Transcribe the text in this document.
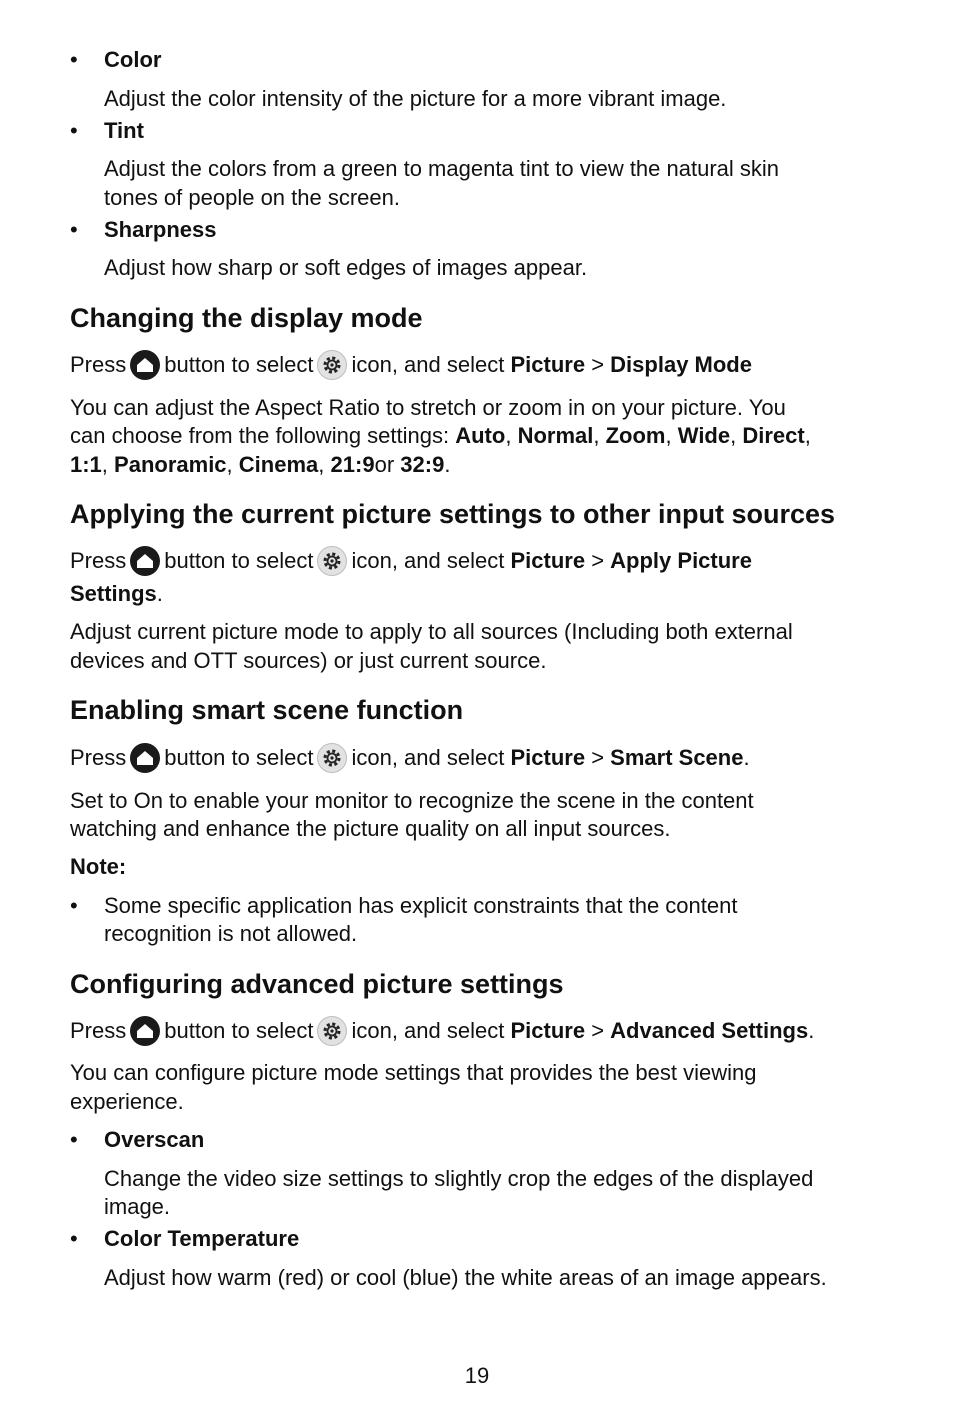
• Color
Adjust the color intensity of the picture for a more vibrant image.
• Tint
Adjust the colors from a green to magenta tint to view the natural skin
tones of people on the screen.
• Sharpness
Adjust how sharp or soft edges of images appear.
Changing the display mode
Press button to select icon, and select Picture > Display Mode
You can adjust the Aspect Ratio to stretch or zoom in on your picture. You
can choose from the following settings: Auto, Normal, Zoom, Wide, Direct,
1:1, Panoramic, Cinema, 21:9or 32:9.
Applying the current picture settings to other input sources
Press button to select icon, and select Picture > Apply Picture
Settings.
Adjust current picture mode to apply to all sources (Including both external
devices and OTT sources) or just current source.
Enabling smart scene function
Press button to select icon, and select Picture > Smart Scene.
Set to On to enable your monitor to recognize the scene in the content
watching and enhance the picture quality on all input sources.
Note:
• Some specific application has explicit constraints that the content
recognition is not allowed.
Configuring advanced picture settings
Press button to select icon, and select Picture > Advanced Settings.
You can configure picture mode settings that provides the best viewing
experience.
• Overscan
Change the video size settings to slightly crop the edges of the displayed
image.
• Color Temperature
Adjust how warm (red) or cool (blue) the white areas of an image appears.
19
